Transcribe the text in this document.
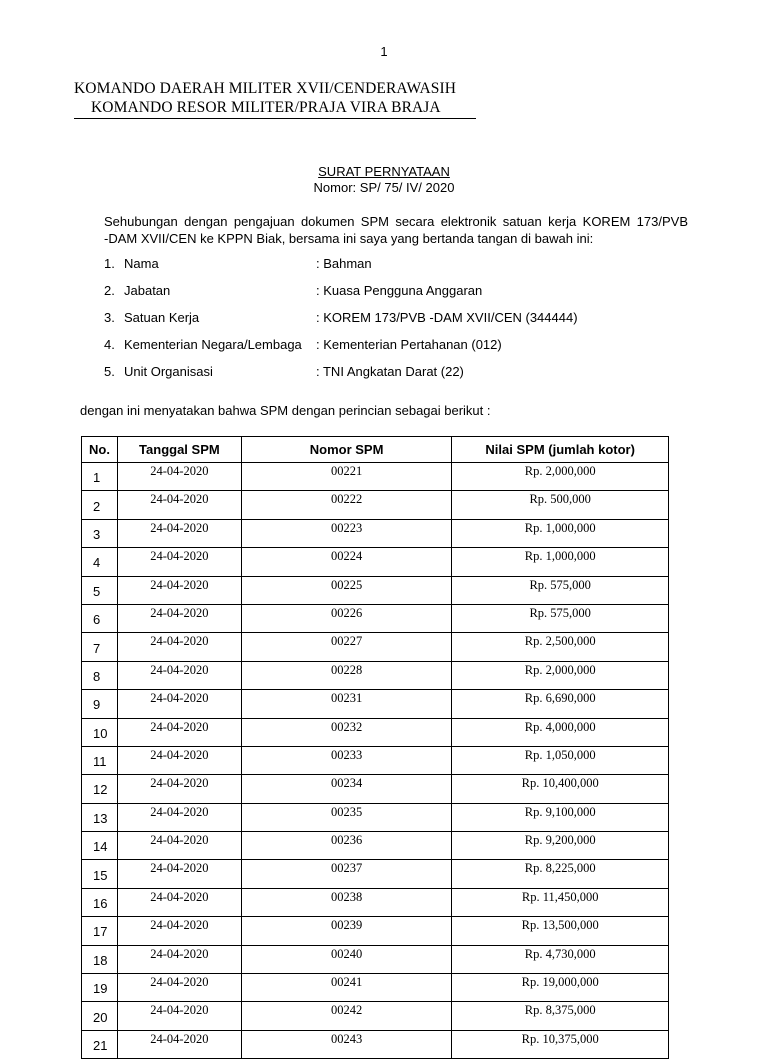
1
KOMANDO DAERAH MILITER XVII/CENDERAWASIH
KOMANDO RESOR MILITER/PRAJA VIRA BRAJA
SURAT PERNYATAAN
Nomor: SP/ 75/ IV/ 2020
Sehubungan dengan pengajuan dokumen SPM secara elektronik satuan kerja KOREM 173/PVB
-DAM XVII/CEN ke KPPN Biak, bersama ini saya yang bertanda tangan di bawah ini:
1. Nama	: Bahman
2. Jabatan	: Kuasa Pengguna Anggaran
3. Satuan Kerja	: KOREM 173/PVB -DAM XVII/CEN (344444)
4. Kementerian Negara/Lembaga : Kementerian Pertahanan (012)
5. Unit Organisasi	: TNI Angkatan Darat (22)
dengan ini menyatakan bahwa SPM dengan perincian sebagai berikut :
No.	Tanggal SPM	Nomor SPM	Nilai SPM (jumlah kotor)
1	24-04-2020	00221	Rp. 2,000,000
2	24-04-2020	00222	Rp. 500,000
3	24-04-2020	00223	Rp. 1,000,000
4	24-04-2020	00224	Rp. 1,000,000
5	24-04-2020	00225	Rp. 575,000
6	24-04-2020	00226	Rp. 575,000
7	24-04-2020	00227	Rp. 2,500,000
8	24-04-2020	00228	Rp. 2,000,000
9	24-04-2020	00231	Rp. 6,690,000
10	24-04-2020	00232	Rp. 4,000,000
11	24-04-2020	00233	Rp. 1,050,000
12	24-04-2020	00234	Rp. 10,400,000
13	24-04-2020	00235	Rp. 9,100,000
14	24-04-2020	00236	Rp. 9,200,000
15	24-04-2020	00237	Rp. 8,225,000
16	24-04-2020	00238	Rp. 11,450,000
17	24-04-2020	00239	Rp. 13,500,000
18	24-04-2020	00240	Rp. 4,730,000
19	24-04-2020	00241	Rp. 19,000,000
20	24-04-2020	00242	Rp. 8,375,000
21	24-04-2020	00243	Rp. 10,375,000
